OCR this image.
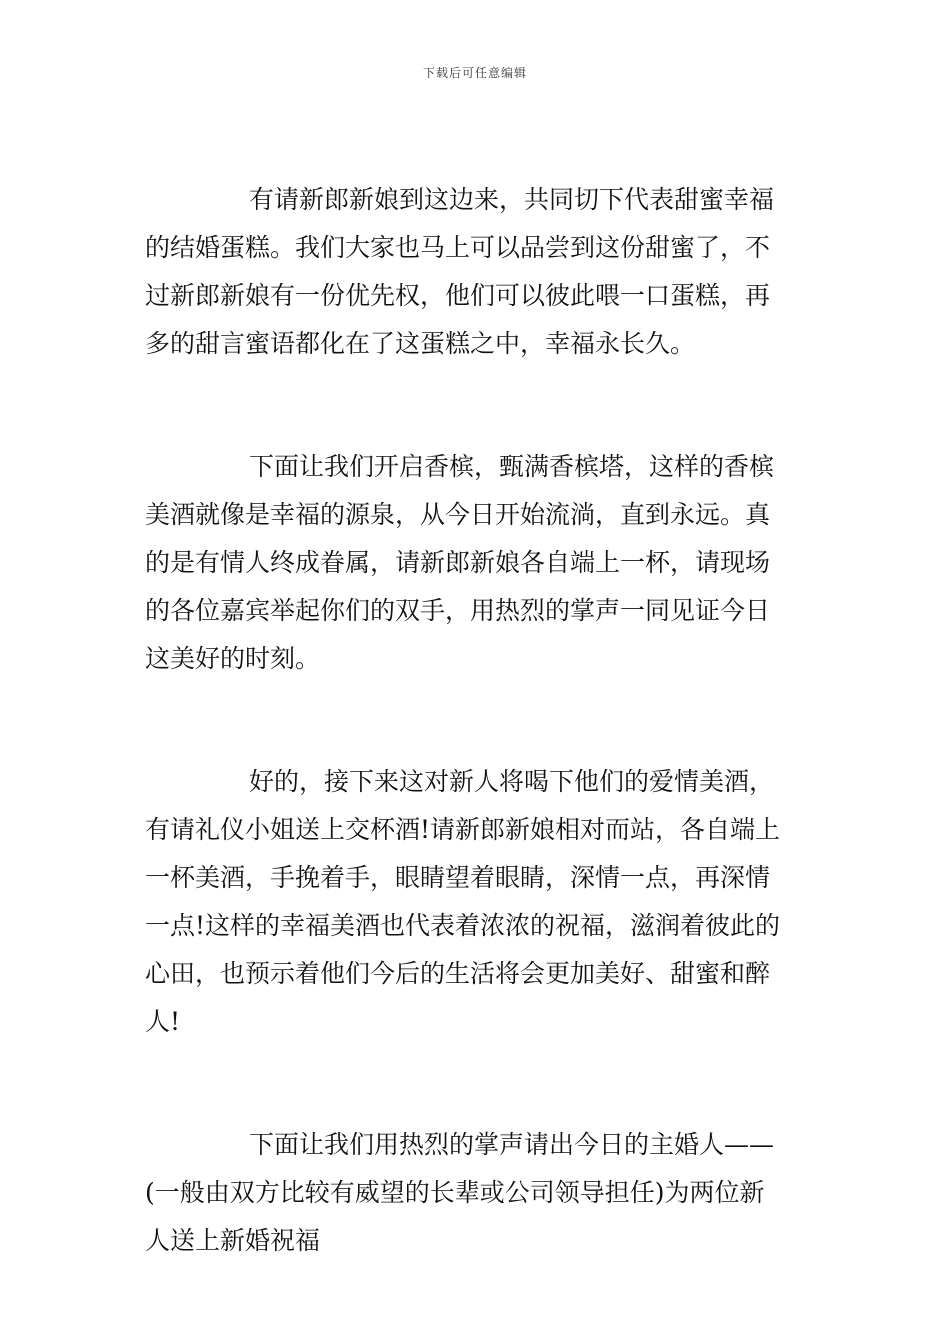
下载后可任意编辑

有请新郎新娘到这边来，共同切下代表甜蜜幸福
的结婚蛋糕。我们大家也马上可以品尝到这份甜蜜了，不
过新郎新娘有一份优先权，他们可以彼此喂一口蛋糕，再
多的甜言蜜语都化在了这蛋糕之中，幸福永长久。

下面让我们开启香槟，甄满香槟塔，这样的香槟
美酒就像是幸福的源泉，从今日开始流淌，直到永远。真
的是有情人终成眷属，请新郎新娘各自端上一杯，请现场
的各位嘉宾举起你们的双手，用热烈的掌声一同见证今日
这美好的时刻。

好的，接下来这对新人将喝下他们的爱情美酒，
有请礼仪小姐送上交杯酒!请新郎新娘相对而站，各自端上
一杯美酒，手挽着手，眼睛望着眼睛，深情一点，再深情
一点!这样的幸福美酒也代表着浓浓的祝福，滋润着彼此的
心田，也预示着他们今后的生活将会更加美好、甜蜜和醉
人!

下面让我们用热烈的掌声请出今日的主婚人——
(一般由双方比较有威望的长辈或公司领导担任)为两位新
人送上新婚祝福
